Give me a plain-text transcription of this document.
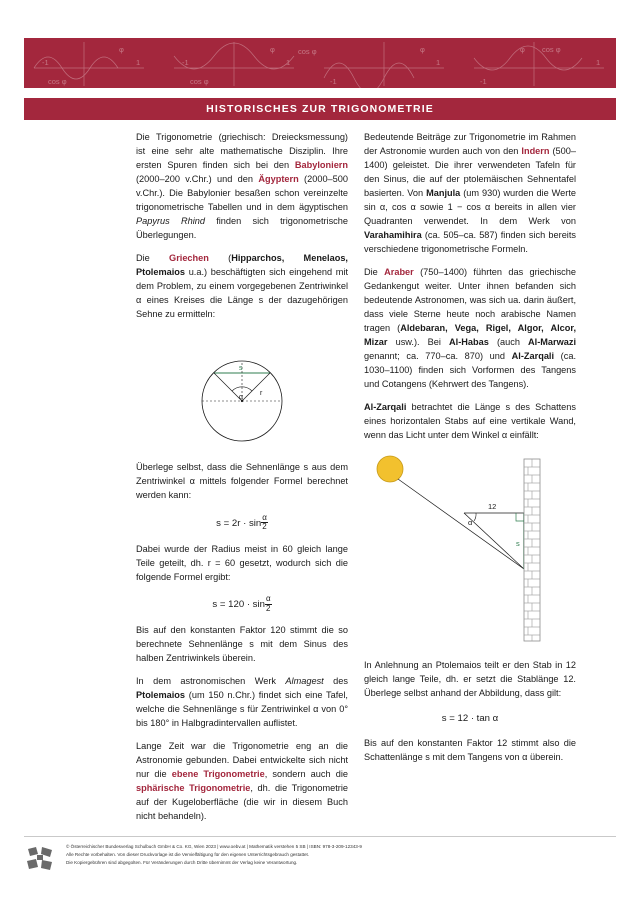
φ
cos φ
-1	1
φ
cos φ
1
-1
cos φ	φ
-1
1
φ cos φ
-1
1
HISTORISCHES ZUR TRIGONOMETRIE

Die Trigonometrie (griechisch: Dreiecksmessung) ist eine sehr alte mathematische Disziplin. Ihre ersten Spuren finden sich bei den Babyloniern (2000–200 v.Chr.) und den Ägyptern (2000–500 v.Chr.). Die Babylonier besaßen schon vereinzelte trigonometrische Tabellen und in dem ägyptischen Papyrus Rhind finden sich trigonometrische Überlegungen.

Die Griechen (Hipparchos, Menelaos, Ptolemaios u.a.) beschäftigten sich eingehend mit dem Problem, zu einem vorgegebenen Zentriwinkel α eines Kreises die Länge s der dazugehörigen Sehne zu ermitteln:

s
α
r

Überlege selbst, dass die Sehnenlänge s aus dem Zentriwinkel α mittels folgender Formel berechnet werden kann:

$s = 2r \cdot \sin \frac{\alpha}{2}$

Dabei wurde der Radius meist in 60 gleich lange Teile geteilt, dh. r = 60 gesetzt, wodurch sich die folgende Formel ergibt:

$s = 120 \cdot \sin \frac{\alpha}{2}$

Bis auf den konstanten Faktor 120 stimmt die so berechnete Sehnenlänge s mit dem Sinus des halben Zentriwinkels überein.

In dem astronomischen Werk Almagest des Ptolemaios (um 150 n.Chr.) findet sich eine Tafel, welche die Sehnenlänge s für Zentriwinkel α von 0° bis 180° in Halbgradintervallen auflistet.

Lange Zeit war die Trigonometrie eng an die Astronomie gebunden. Dabei entwickelte sich nicht nur die ebene Trigonometrie, sondern auch die sphärische Trigonometrie, dh. die Trigonometrie auf der Kugeloberfläche (die wir in diesem Buch nicht behandeln).

Bedeutende Beiträge zur Trigonometrie im Rahmen der Astronomie wurden auch von den Indern (500–1400) geleistet. Die ihrer verwendeten Tafeln für den Sinus, die auf der ptolemäischen Sehnentafel basierten. Von Manjula (um 930) wurden die Werte sin α, cos α sowie 1 − cos α bereits in allen vier Quadranten verwendet. In dem Werk von Varahamihira (ca. 505–ca. 587) finden sich bereits verschiedene trigonometrische Formeln.

Die Araber (750–1400) führten das griechische Gedankengut weiter. Unter ihnen befanden sich bedeutende Astronomen, was sich ua. darin äußert, dass viele Sterne heute noch arabische Namen tragen (Aldebaran, Vega, Rigel, Algor, Alcor, Mizar usw.). Bei Al-Habas (auch Al-Marwazi genannt; ca. 770–ca. 870) und Al-Zarqali (ca. 1030–1100) finden sich Vorformen des Tangens und Cotangens (Kehrwert des Tangens).

Al-Zarqali betrachtet die Länge s des Schattens eines horizontalen Stabs auf eine vertikale Wand, wenn das Licht unter dem Winkel α einfällt:

12
α
s

In Anlehnung an Ptolemaios teilt er den Stab in 12 gleich lange Teile, dh. er setzt die Stablänge 12. Überlege selbst anhand der Abbildung, dass gilt:

s = 12 · tan α

Bis auf den konstanten Faktor 12 stimmt also die Schattenlänge s mit dem Tangens von α überein.

© Österreichischer Bundesverlag Schulbuch GmbH & Co. KG, Wien 2023 | www.oebv.at | Mathematik verstehen 5 SB | ISBN: 978-3-209-12343-9
Alle Rechte vorbehalten. Von dieser Druckvorlage ist die Vervielfältigung für den eigenen Unterrichtsgebrauch gestattet.
Die Kopiergebühren sind abgegolten. Für Veränderungen durch Dritte übernimmt der Verlag keine Verantwortung.
